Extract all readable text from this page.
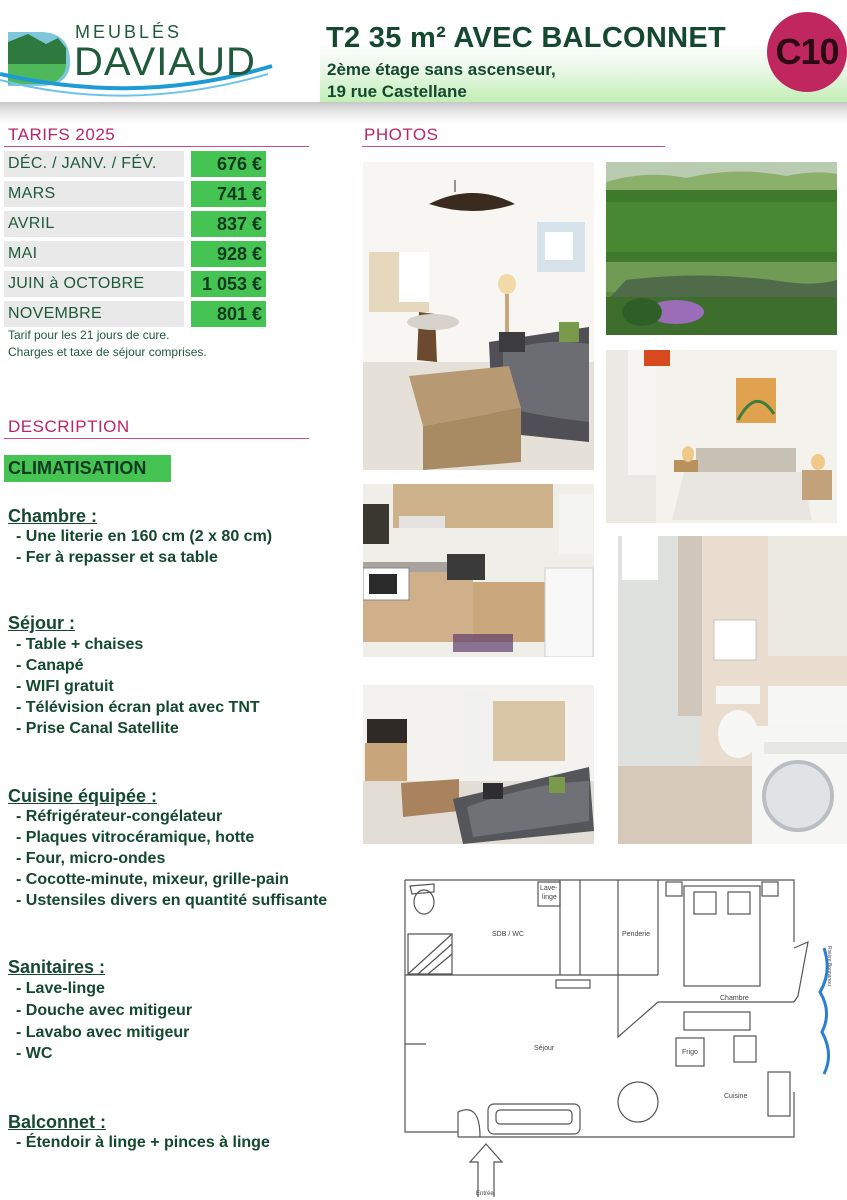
MEUBLÉS
DAVIAUD
T2 35 m² AVEC BALCONNET
2ème étage sans ascenseur,
19 rue Castellane
C10
TARIFS 2025
DÉC. / JANV. / FÉV.	676 €
MARS	741 €
AVRIL	837 €
MAI	928 €
JUIN à OCTOBRE	1 053 €
NOVEMBRE	801 €
Tarif pour les 21 jours de cure.
Charges et taxe de séjour comprises.
PHOTOS
DESCRIPTION
CLIMATISATION
Chambre :
- Une literie en 160 cm (2 x 80 cm)
- Fer à repasser et sa table
Séjour :
- Table + chaises
- Canapé
- WIFI gratuit
- Télévision écran plat avec TNT
- Prise Canal Satellite
Cuisine équipée :
- Réfrigérateur-congélateur
- Plaques vitrocéramique, hotte
- Four, micro-ondes
- Cocotte-minute, mixeur, grille-pain
- Ustensiles divers en quantité suffisante
Sanitaires :
- Lave-linge
- Douche avec mitigeur
- Lavabo avec mitigeur
- WC
Balconnet :
- Étendoir à linge + pinces à linge
Lave-
linge
SDB / WC	Penderie
Chambre
Séjour
Frigo
Cuisine
Entrée
Rivière Bonnanou
